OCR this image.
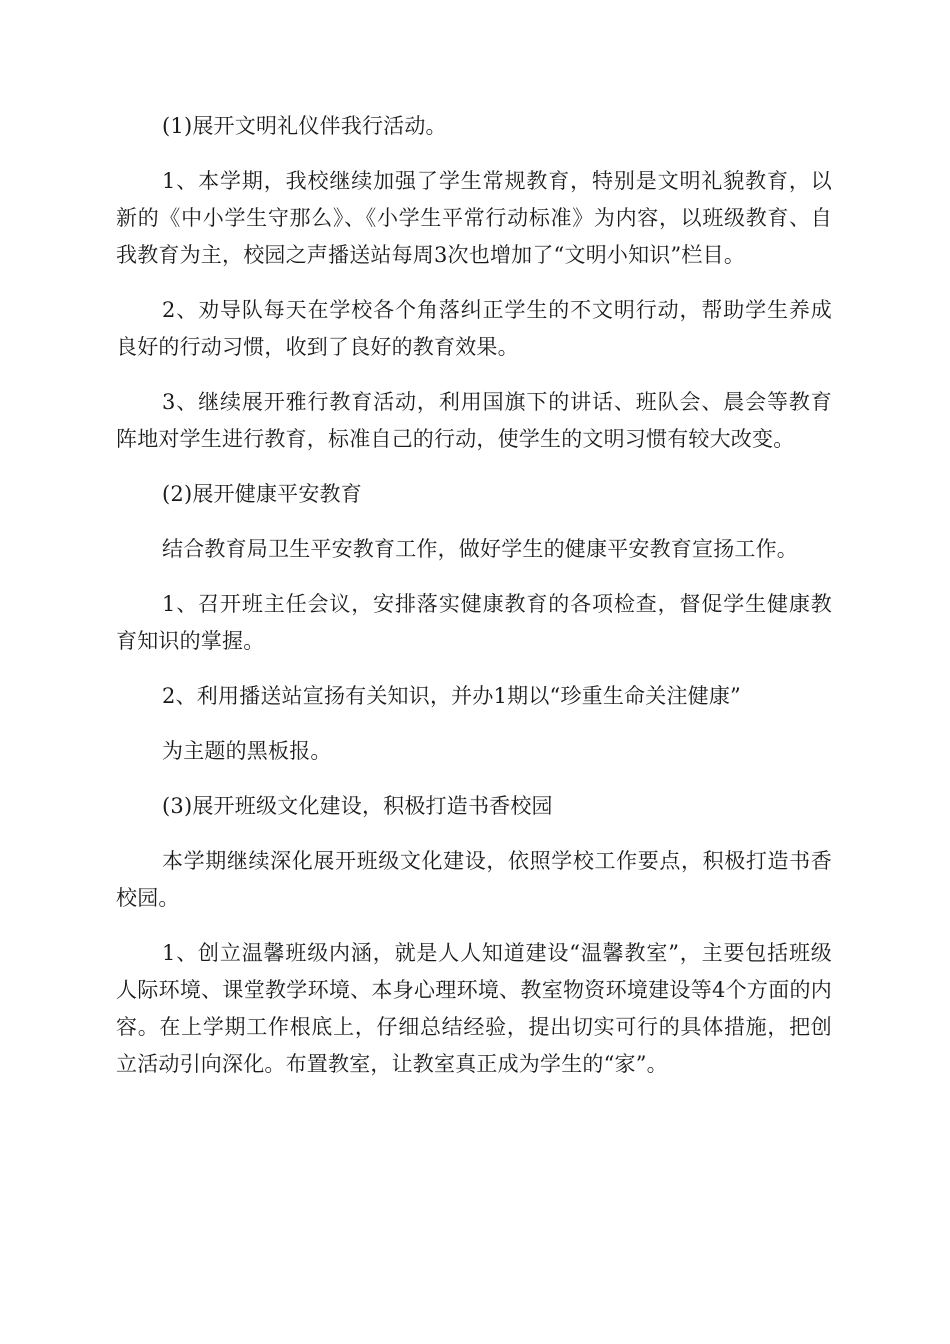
(1)展开文明礼仪伴我行活动。

1、本学期，我校继续加强了学生常规教育，特别是文明礼貌教育，以新的《中小学生守那么》、《小学生平常行动标准》为内容，以班级教育、自我教育为主，校园之声播送站每周3次也增加了“文明小知识”栏目。

2、劝导队每天在学校各个角落纠正学生的不文明行动，帮助学生养成良好的行动习惯，收到了良好的教育效果。

3、继续展开雅行教育活动，利用国旗下的讲话、班队会、晨会等教育阵地对学生进行教育，标准自己的行动，使学生的文明习惯有较大改变。

(2)展开健康平安教育

结合教育局卫生平安教育工作，做好学生的健康平安教育宣扬工作。

1、召开班主任会议，安排落实健康教育的各项检查，督促学生健康教育知识的掌握。

2、利用播送站宣扬有关知识，并办1期以“珍重生命关注健康”

为主题的黑板报。

(3)展开班级文化建设，积极打造书香校园

本学期继续深化展开班级文化建设，依照学校工作要点，积极打造书香校园。

1、创立温馨班级内涵，就是人人知道建设“温馨教室”，主要包括班级人际环境、课堂教学环境、本身心理环境、教室物资环境建设等4个方面的内容。在上学期工作根底上，仔细总结经验，提出切实可行的具体措施，把创立活动引向深化。布置教室，让教室真正成为学生的“家”。
